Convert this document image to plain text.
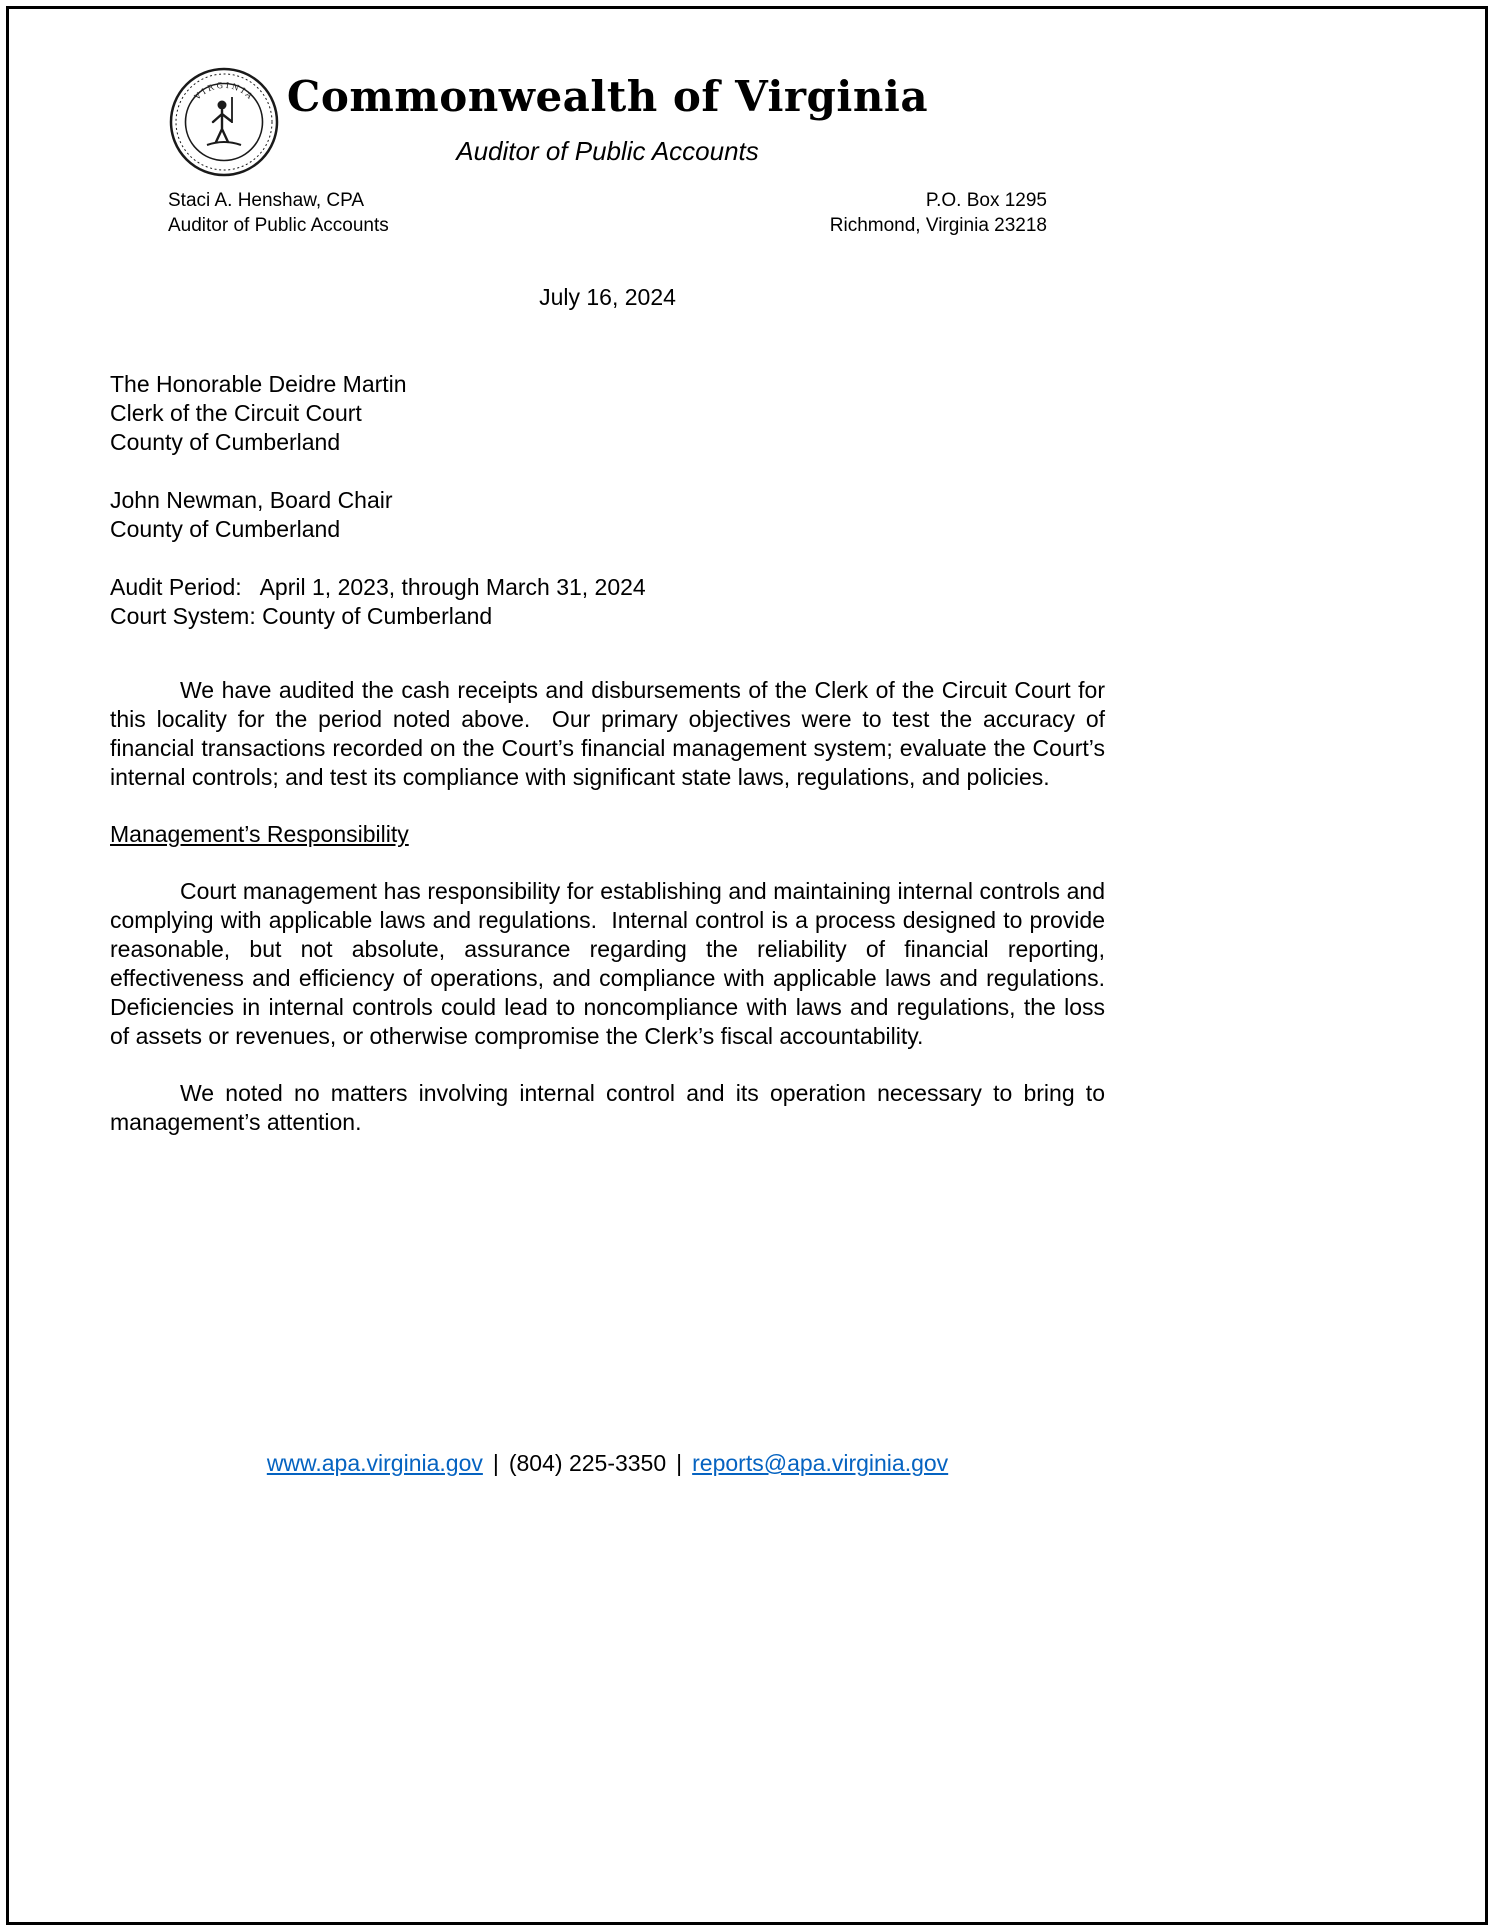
VIRGINIA Commonwealth of Virginia
Auditor of Public Accounts
Staci A. Henshaw, CPA
Auditor of Public Accounts
P.O. Box 1295
Richmond, Virginia 23218
July 16, 2024
The Honorable Deidre Martin
Clerk of the Circuit Court
County of Cumberland
John Newman, Board Chair
County of Cumberland
Audit Period:   April 1, 2023, through March 31, 2024
Court System: County of Cumberland

We have audited the cash receipts and disbursements of the Clerk of the Circuit Court for this locality for the period noted above.  Our primary objectives were to test the accuracy of financial transactions recorded on the Court’s financial management system; evaluate the Court’s internal controls; and test its compliance with significant state laws, regulations, and policies.

Management’s Responsibility

Court management has responsibility for establishing and maintaining internal controls and complying with applicable laws and regulations.  Internal control is a process designed to provide reasonable, but not absolute, assurance regarding the reliability of financial reporting, effectiveness and efficiency of operations, and compliance with applicable laws and regulations.  Deficiencies in internal controls could lead to noncompliance with laws and regulations, the loss of assets or revenues, or otherwise compromise the Clerk’s fiscal accountability.

We noted no matters involving internal control and its operation necessary to bring to management’s attention.

www.apa.virginia.gov | (804) 225-3350 | reports@apa.virginia.gov
